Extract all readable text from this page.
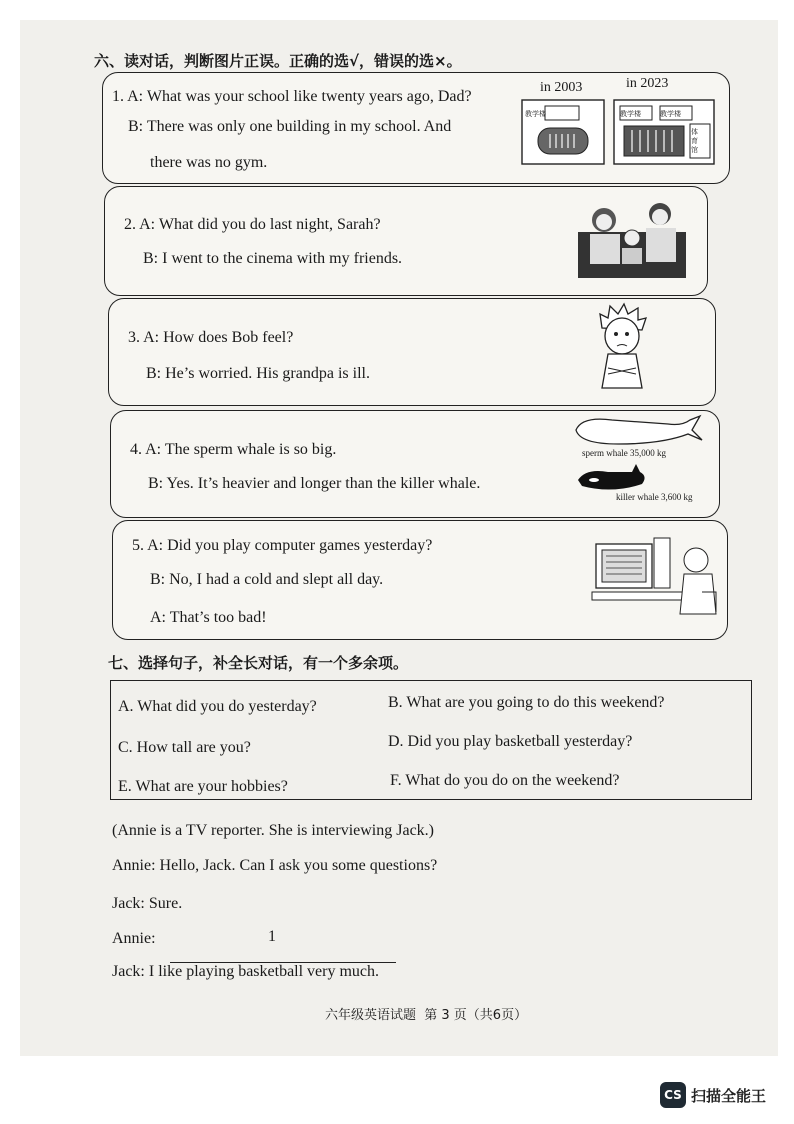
六、读对话，判断图片正误。正确的选√，错误的选×。
1. A: What was your school like twenty years ago, Dad?
B: There was only one building in my school. And
there was no gym.
in 2003	in 2023
教学楼	教学楼	教学楼
体育馆
2. A: What did you do last night, Sarah?
B: I went to the cinema with my friends.
3. A: How does Bob feel?
B: He’s worried. His grandpa is ill.
4. A: The sperm whale is so big.
B: Yes. It’s heavier and longer than the killer whale.
sperm whale 35,000 kg
killer whale 3,600 kg
5. A: Did you play computer games yesterday?
B: No, I had a cold and slept all day.
A: That’s too bad!
七、选择句子，补全长对话，有一个多余项。
A. What did you do yesterday?	B. What are you going to do this weekend?
C. How tall are you?	D. Did you play basketball yesterday?
E. What are your hobbies?	F. What do you do on the weekend?
(Annie is a TV reporter. She is interviewing Jack.)
Annie: Hello, Jack. Can I ask you some questions?
Jack: Sure.
Annie:	1
Jack: I like playing basketball very much.
六年级英语试题  第 3 页（共6页）
CS 扫描全能王
